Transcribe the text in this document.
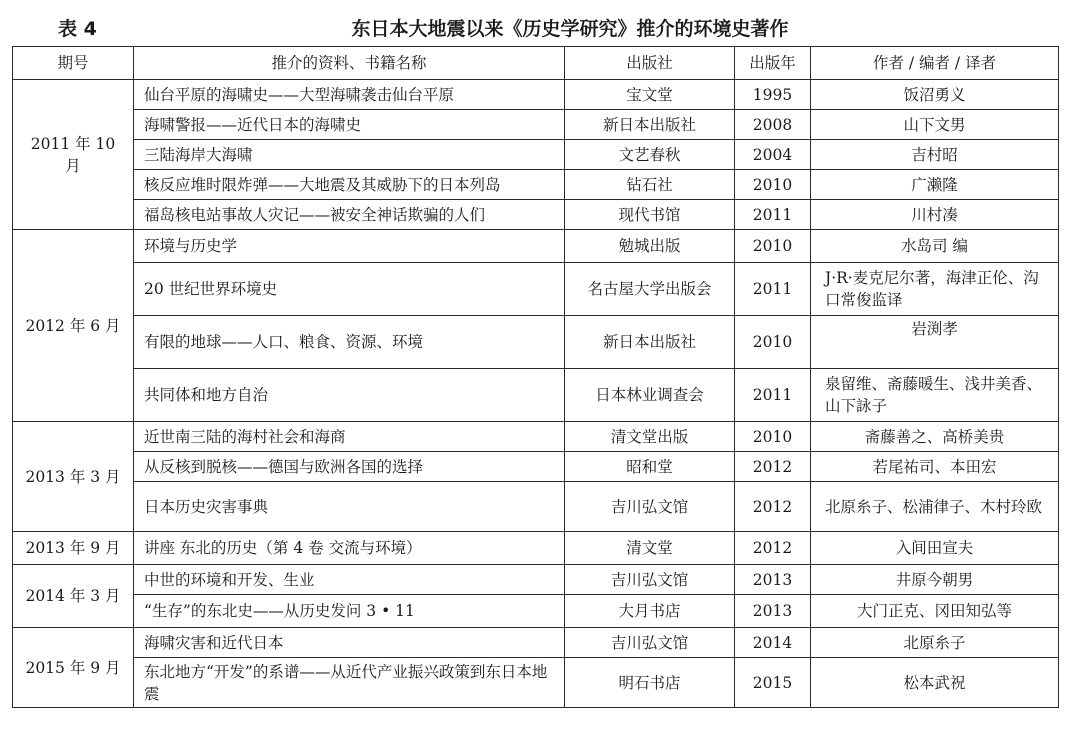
表 4	东日本大地震以来《历史学研究》推介的环境史著作
期号	推介的资料、书籍名称	出版社	出版年	作者 / 编者 / 译者
2011 年 10 月	仙台平原的海啸史——大型海啸袭击仙台平原	宝文堂	1995	饭沼勇义
	海啸警报——近代日本的海啸史	新日本出版社	2008	山下文男
	三陆海岸大海啸	文艺春秋	2004	吉村昭
	核反应堆时限炸弹——大地震及其威胁下的日本列岛	钻石社	2010	广濑隆
	福岛核电站事故人灾记——被安全神话欺骗的人们	现代书馆	2011	川村凑
2012 年 6 月	环境与历史学	勉城出版	2010	水岛司 编
	20 世纪世界环境史	名古屋大学出版会	2011	J·R·麦克尼尔著，海津正伦、沟口常俊监译
	有限的地球——人口、粮食、资源、环境	新日本出版社	2010	岩渕孝
	共同体和地方自治	日本林业调查会	2011	泉留维、斋藤暖生、浅井美香、山下詠子
2013 年 3 月	近世南三陆的海村社会和海商	清文堂出版	2010	斋藤善之、高桥美贵
	从反核到脱核——德国与欧洲各国的选择	昭和堂	2012	若尾祐司、本田宏
	日本历史灾害事典	吉川弘文馆	2012	北原糸子、松浦律子、木村玲欧
2013 年 9 月	讲座 东北的历史（第 4 卷 交流与环境）	清文堂	2012	入间田宣夫
2014 年 3 月	中世的环境和开发、生业	吉川弘文馆	2013	井原今朝男
	“生存”的东北史——从历史发问 3 • 11	大月书店	2013	大门正克、冈田知弘等
2015 年 9 月	海啸灾害和近代日本	吉川弘文馆	2014	北原糸子
	东北地方“开发”的系谱——从近代产业振兴政策到东日本地震	明石书店	2015	松本武祝
